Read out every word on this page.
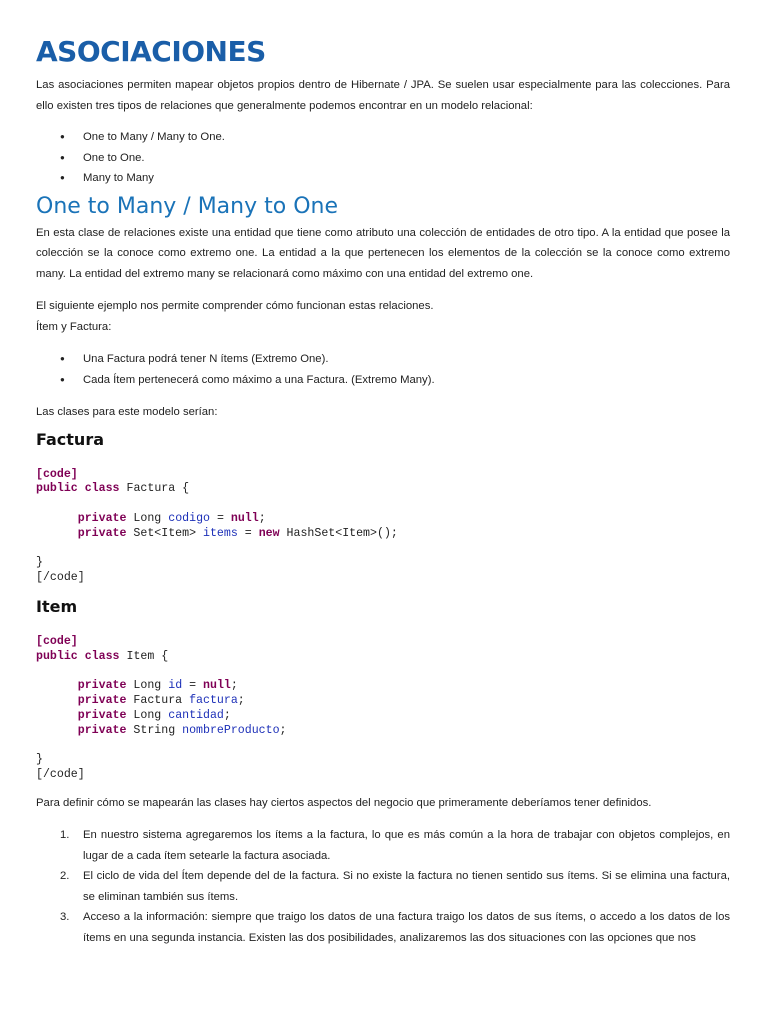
ASOCIACIONES

Las asociaciones permiten mapear objetos propios dentro de Hibernate / JPA. Se suelen usar especialmente para las colecciones. Para ello existen tres tipos de relaciones que generalmente podemos encontrar en un modelo relacional:

● One to Many / Many to One.
● One to One.
● Many to Many
One to Many / Many to One

En esta clase de relaciones existe una entidad que tiene como atributo una colección de entidades de otro tipo. A la entidad que posee la colección se la conoce como extremo one. La entidad a la que pertenecen los elementos de la colección se la conoce como extremo many. La entidad del extremo many se relacionará como máximo con una entidad del extremo one.

El siguiente ejemplo nos permite comprender cómo funcionan estas relaciones.

Ítem y Factura:

● Una Factura podrá tener N ítems (Extremo One).
● Cada Ítem pertenecerá como máximo a una Factura. (Extremo Many).

Las clases para este modelo serían:

Factura
[code]
public class Factura {

private Long codigo = null;
private Set<Item> items = new HashSet<Item>();

}
[/code]
Item
[code]
public class Item {

private Long id = null;
private Factura factura;
private Long cantidad;
private String nombreProducto;

}
[/code]

Para definir cómo se mapearán las clases hay ciertos aspectos del negocio que primeramente deberíamos tener definidos.

1. En nuestro sistema agregaremos los ítems a la factura, lo que es más común a la hora de trabajar con objetos complejos, en lugar de a cada ítem setearle la factura asociada.
2. El ciclo de vida del Ítem depende del de la factura. Si no existe la factura no tienen sentido sus ítems. Si se elimina una factura, se eliminan también sus ítems.
3. Acceso a la información: siempre que traigo los datos de una factura traigo los datos de sus ítems, o accedo a los datos de los ítems en una segunda instancia. Existen las dos posibilidades, analizaremos las dos situaciones con las opciones que nos
